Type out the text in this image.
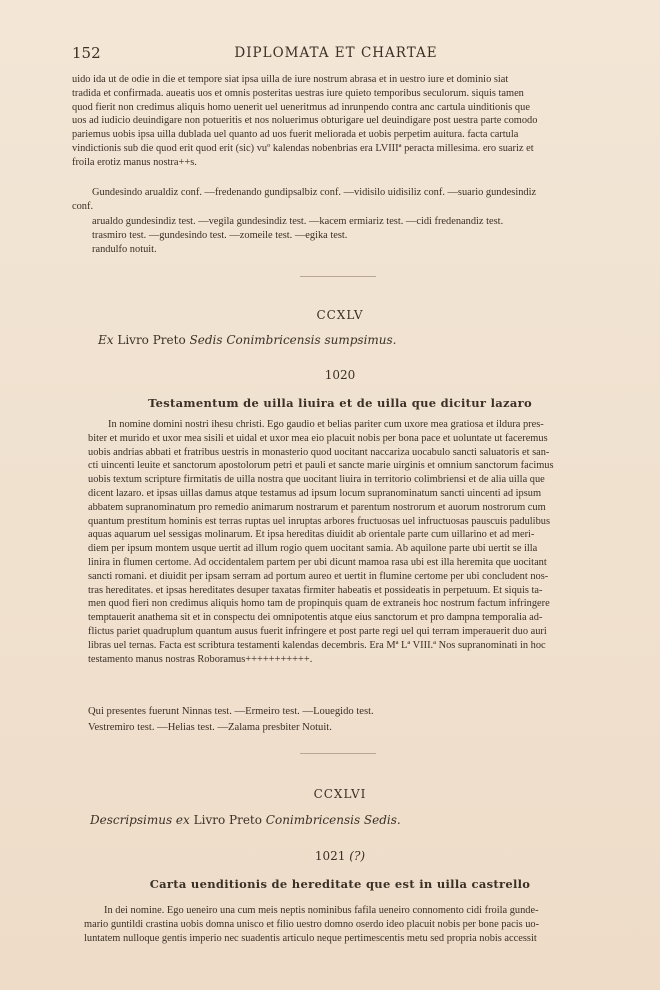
152	DIPLOMATA ET CHARTAE
uido ida ut de odie in die et tempore siat ipsa uilla de iure nostrum abrasa et in uestro iure et dominio siat
tradida et confirmada. aueatis uos et omnis posteritas uestras iure quieto temporibus seculorum. siquis tamen
quod fierit non credimus aliquis homo uenerit uel ueneritmus ad inrunpendo contra anc cartula uinditionis que
uos ad iudicio deuindigare non potueritis et nos noluerimus obturigare uel deuindigare post uestra parte comodo
pariemus uobis ipsa uilla dublada uel quanto ad uos fuerit meliorada et uobis perpetim auitura. facta cartula
vindictionis sub die quod erit quod erit (sic) vuº kalendas nobenbrias era LVIIIª peracta millesima. ero suariz et
froila erotiz manus nostra++s.
Gundesindo arualdiz conf. —fredenando gundipsalbiz conf. —vidisilo uidisiliz conf. —suario gundesindiz
conf.
arualdo gundesindiz test. —vegila gundesindiz test. —kacem ermiariz test. —cidi fredenandiz test.
trasmiro test. —gundesindo test. —zomeile test. —egika test.
randulfo notuit.
CCXLV
Ex Livro Preto Sedis Conimbricensis sumpsimus.
1020
Testamentum de uilla liuira et de uilla que dicitur lazaro
In nomine domini nostri ihesu christi. Ego gaudio et belias pariter cum uxore mea gratiosa et ildura pres-
biter et murido et uxor mea sisili et uidal et uxor mea eio placuit nobis per bona pace et uoluntate ut faceremus
uobis andrias abbati et fratribus uestris in monasterio quod uocitant naccariza uocabulo sancti saluatoris et san-
cti uincenti leuite et sanctorum apostolorum petri et pauli et sancte marie uirginis et omnium sanctorum facimus
uobis textum scripture firmitatis de uilla nostra que uocitant liuira in territorio colimbriensi et de alia uilla que
dicent lazaro. et ipsas uillas damus atque testamus ad ipsum locum supranominatum sancti uincenti ad ipsum
abbatem supranominatum pro remedio animarum nostrarum et parentum nostrorum et auorum nostrorum cum
quantum prestitum hominis est terras ruptas uel inruptas arbores fructuosas uel infructuosas pauscuis padulibus
aquas aquarum uel sessigas molinarum. Et ipsa hereditas diuidit ab orientale parte cum uillarino et ad meri-
diem per ipsum montem usque uertit ad illum rogio quem uocitant samia. Ab aquilone parte ubi uertit se illa
linira in flumen certome. Ad occidentalem partem per ubi dicunt mamoa rasa ubi est illa heremita que uocitant
sancti romani. et diuidit per ipsam serram ad portum aureo et uertit in flumine certome per ubi concludent nos-
tras hereditates. et ipsas hereditates desuper taxatas firmiter habeatis et possideatis in perpetuum. Et siquis ta-
men quod fieri non credimus aliquis homo tam de propinquis quam de extraneis hoc nostrum factum infringere
temptauerit anathema sit et in conspectu dei omnipotentis atque eius sanctorum et pro dampna temporalia ad-
flictus pariet quadruplum quantum ausus fuerit infringere et post parte regi uel qui terram imperauerit duo auri
libras uel ternas. Facta est scribtura testamenti kalendas decembris. Era Mª Lª VIII.ª Nos supranominati in hoc
testamento manus nostras Roboramus+++++++++++.
Qui presentes fuerunt Ninnas test. —Ermeiro test. —Louegido test.
Vestremiro test. —Helias test. —Zalama presbiter Notuit.
CCXLVI
Descripsimus ex Livro Preto Conimbricensis Sedis.
1021 (?)
Carta uenditionis de hereditate que est in uilla castrello
In dei nomine. Ego ueneiro una cum meis neptis nominibus fafila ueneiro connomento cidi froila gunde-
mario guntildi crastina uobis domna unisco et filio uestro domno oserdo ideo placuit nobis per bone pacis uo-
luntatem nulloque gentis imperio nec suadentis articulo neque pertimescentis metu sed propria nobis accessit
